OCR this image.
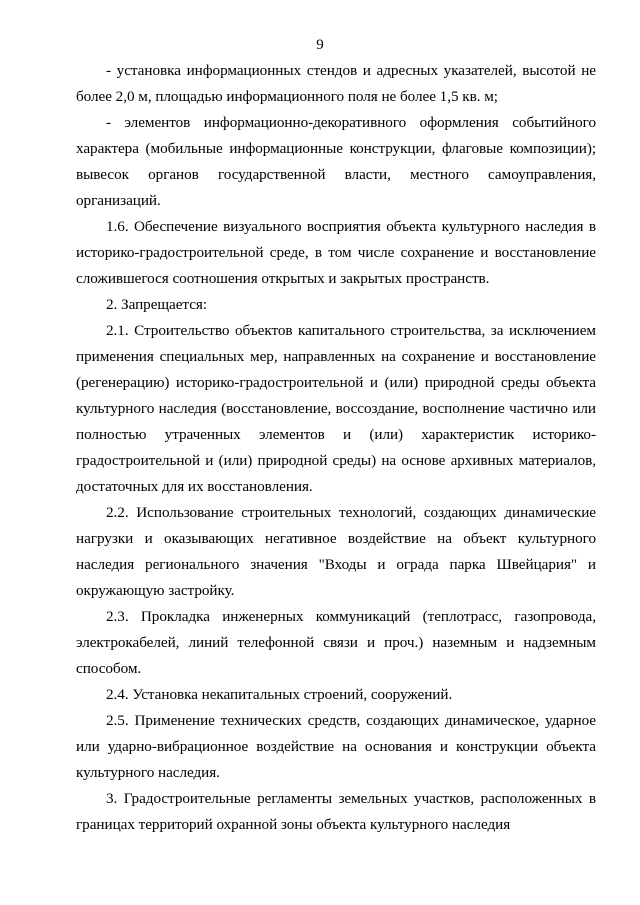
9

- установка информационных стендов и адресных указателей, высотой не более 2,0 м, площадью информационного поля не более 1,5 кв. м;

- элементов информационно-декоративного оформления событийного характера (мобильные информационные конструкции, флаговые композиции); вывесок органов государственной власти, местного самоуправления, организаций.

1.6. Обеспечение визуального восприятия объекта культурного наследия в историко-градостроительной среде, в том числе сохранение и восстановление сложившегося соотношения открытых и закрытых пространств.

2. Запрещается:

2.1. Строительство объектов капитального строительства, за исключением применения специальных мер, направленных на сохранение и восстановление (регенерацию) историко-градостроительной и (или) природной среды объекта культурного наследия (восстановление, воссоздание, восполнение частично или полностью утраченных элементов и (или) характеристик историко-градостроительной и (или) природной среды) на основе архивных материалов, достаточных для их восстановления.

2.2. Использование строительных технологий, создающих динамические нагрузки и оказывающих негативное воздействие на объект культурного наследия регионального значения "Входы и ограда парка Швейцария" и окружающую застройку.

2.3. Прокладка инженерных коммуникаций (теплотрасс, газопровода, электрокабелей, линий телефонной связи и проч.) наземным и надземным способом.

2.4. Установка некапитальных строений, сооружений.

2.5. Применение технических средств, создающих динамическое, ударное или ударно-вибрационное воздействие на основания и конструкции объекта культурного наследия.

3. Градостроительные регламенты земельных участков, расположенных в границах территорий охранной зоны объекта культурного наследия
